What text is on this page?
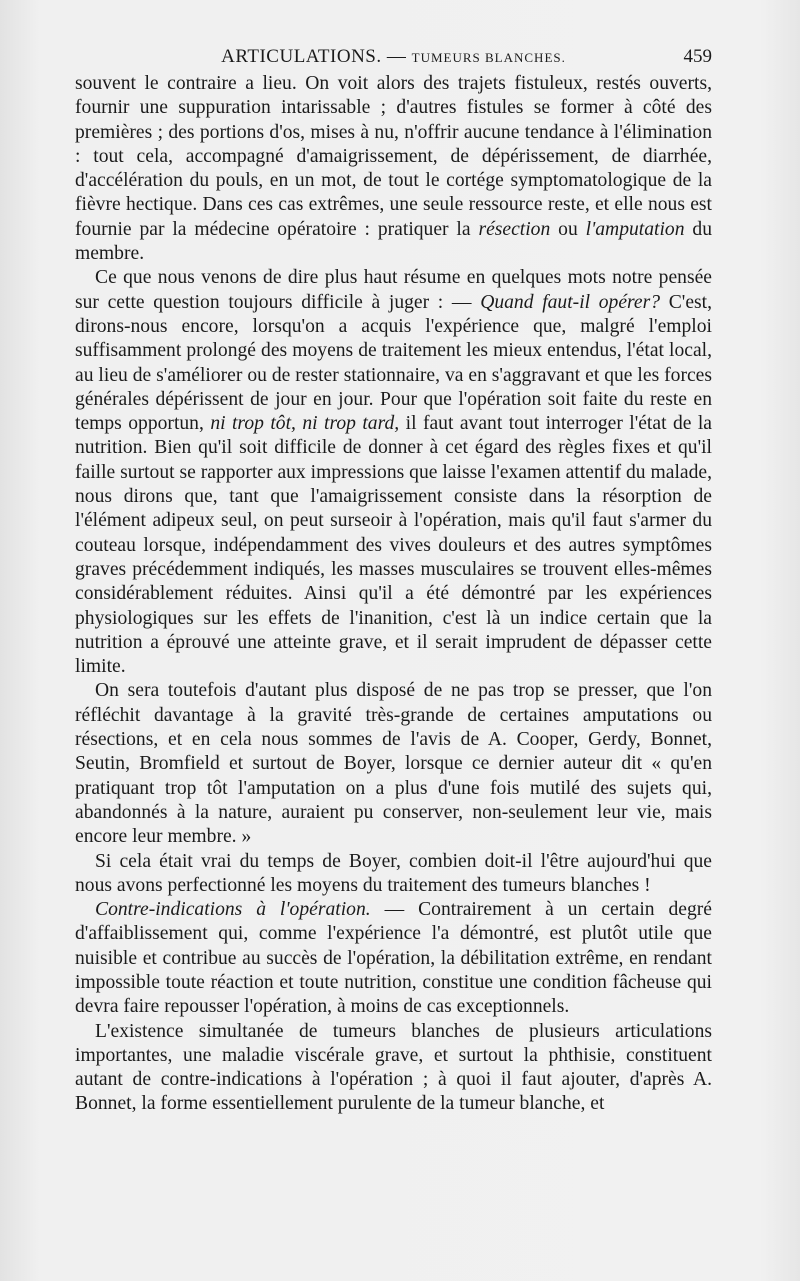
ARTICULATIONS. — TUMEURS BLANCHES.	459

souvent le contraire a lieu. On voit alors des trajets fistuleux, restés ouverts, fournir une suppuration intarissable ; d'autres fistules se former à côté des premières ; des portions d'os, mises à nu, n'offrir aucune tendance à l'élimination : tout cela, accompagné d'amaigrissement, de dépérissement, de diarrhée, d'accélération du pouls, en un mot, de tout le cortége symptomatologique de la fièvre hectique. Dans ces cas extrêmes, une seule ressource reste, et elle nous est fournie par la médecine opératoire : pratiquer la résection ou l'amputation du membre.

Ce que nous venons de dire plus haut résume en quelques mots notre pensée sur cette question toujours difficile à juger : — Quand faut-il opérer? C'est, dirons-nous encore, lorsqu'on a acquis l'expérience que, malgré l'emploi suffisamment prolongé des moyens de traitement les mieux entendus, l'état local, au lieu de s'améliorer ou de rester stationnaire, va en s'aggravant et que les forces générales dépérissent de jour en jour. Pour que l'opération soit faite du reste en temps opportun, ni trop tôt, ni trop tard, il faut avant tout interroger l'état de la nutrition. Bien qu'il soit difficile de donner à cet égard des règles fixes et qu'il faille surtout se rapporter aux impressions que laisse l'examen attentif du malade, nous dirons que, tant que l'amaigrissement consiste dans la résorption de l'élément adipeux seul, on peut surseoir à l'opération, mais qu'il faut s'armer du couteau lorsque, indépendamment des vives douleurs et des autres symptômes graves précédemment indiqués, les masses musculaires se trouvent elles-mêmes considérablement réduites. Ainsi qu'il a été démontré par les expériences physiologiques sur les effets de l'inanition, c'est là un indice certain que la nutrition a éprouvé une atteinte grave, et il serait imprudent de dépasser cette limite.

On sera toutefois d'autant plus disposé de ne pas trop se presser, que l'on réfléchit davantage à la gravité très-grande de certaines amputations ou résections, et en cela nous sommes de l'avis de A. Cooper, Gerdy, Bonnet, Seutin, Bromfield et surtout de Boyer, lorsque ce dernier auteur dit « qu'en pratiquant trop tôt l'amputation on a plus d'une fois mutilé des sujets qui, abandonnés à la nature, auraient pu conserver, non-seulement leur vie, mais encore leur membre. »

Si cela était vrai du temps de Boyer, combien doit-il l'être aujourd'hui que nous avons perfectionné les moyens du traitement des tumeurs blanches !

Contre-indications à l'opération. — Contrairement à un certain degré d'affaiblissement qui, comme l'expérience l'a démontré, est plutôt utile que nuisible et contribue au succès de l'opération, la débilitation extrême, en rendant impossible toute réaction et toute nutrition, constitue une condition fâcheuse qui devra faire repousser l'opération, à moins de cas exceptionnels.

L'existence simultanée de tumeurs blanches de plusieurs articulations importantes, une maladie viscérale grave, et surtout la phthisie, constituent autant de contre-indications à l'opération ; à quoi il faut ajouter, d'après A. Bonnet, la forme essentiellement purulente de la tumeur blanche, et
